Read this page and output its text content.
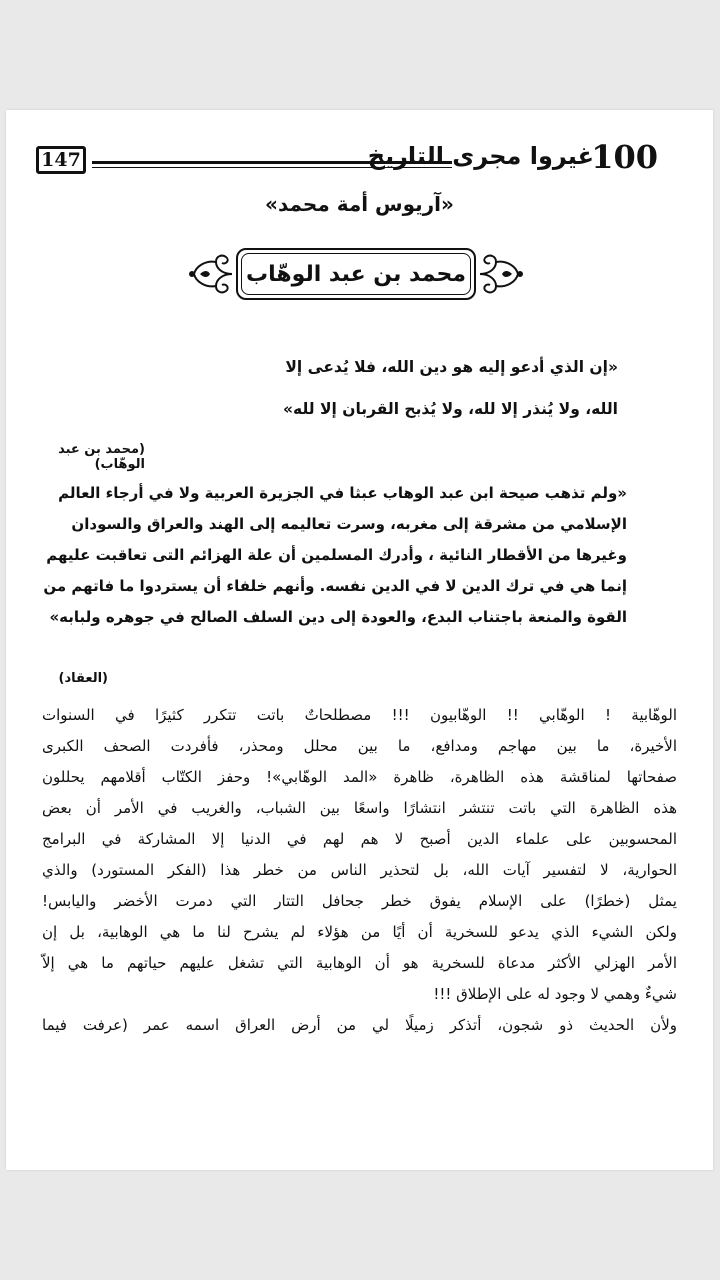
147	غيروا مجرى التاريخ
100
«آريوس أمة محمد»
محمد بن عبد الوهّاب
«إن الذي أدعو إليه هو دين الله، فلا يُدعى إلا
الله، ولا يُنذر إلا لله، ولا يُذبح القربان إلا لله»
(محمد بن عبد الوهّاب)
«ولم تذهب صيحة ابن عبد الوهاب عبثا في الجزيرة العربية ولا في أرجاء العالم
الإسلامي من مشرقة إلى مغربه، وسرت تعاليمه إلى الهند والعراق والسودان
وغيرها من الأقطار النائية ، وأدرك المسلمين أن علة الهزائم التى تعاقبت عليهم
إنما هي في ترك الدين لا في الدين نفسه. وأنهم خلفاء أن يستردوا ما فاتهم من
القوة والمنعة باجتناب البدع، والعودة إلى دين السلف الصالح في جوهره ولبابه»
(العقاد)
الوهّابية ! الوهّابي !! الوهّابيون !!! مصطلحاتٌ باتت تتكرر كثيرًا في السنوات
الأخيرة، ما بين مهاجم ومدافع، ما بين محلل ومحذر، فأفردت الصحف الكبرى
صفحاتها لمناقشة هذه الظاهرة، ظاهرة «المد الوهّابي»! وحفز الكتّاب أقلامهم يحللون
هذه الظاهرة التي باتت تنتشر انتشارًا واسعًا بين الشباب، والغريب في الأمر أن بعض
المحسوبين على علماء الدين أصبح لا هم لهم في الدنيا إلا المشاركة في البرامج
الحوارية، لا لتفسير آيات الله، بل لتحذير الناس من خطر هذا (الفكر المستورد) والذي
يمثل (خطرًا) على الإسلام يفوق خطر جحافل التتار التي دمرت الأخضر واليابس!
ولكن الشيء الذي يدعو للسخرية أن أيًا من هؤلاء لم يشرح لنا ما هي الوهابية، بل إن
الأمر الهزلي الأكثر مدعاة للسخرية هو أن الوهابية التي تشغل عليهم حياتهم ما هي إلاّ
شيءٌ وهمي لا وجود له على الإطلاق !!!
ولأن الحديث ذو شجون، أتذكر زميلًا لي من أرض العراق اسمه عمر (عرفت فيما
